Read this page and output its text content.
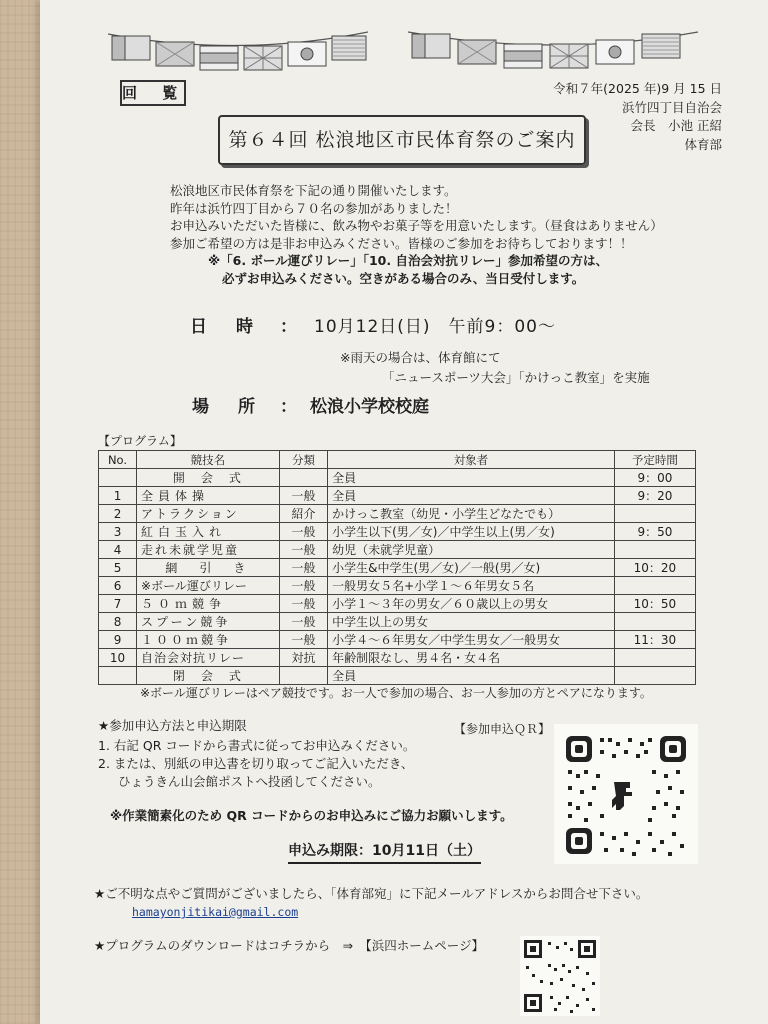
回 覧	令和７年(2025 年)9 月 15 日
浜竹四丁目自治会
会長　小池 正紹
体育部
第６４回 松浪地区市民体育祭のご案内
松浪地区市民体育祭を下記の通り開催いたします。
昨年は浜竹四丁目から７０名の参加がありました！
お申込みいただいた皆様に、飲み物やお菓子等を用意いたします。（昼食はありません）
参加ご希望の方は是非お申込みください。皆様のご参加をお待ちしております！！
※「6. ボール運びリレー」「10. 自治会対抗リレー」参加希望の方は、
必ずお申込みください。空きがある場合のみ、当日受付します。
日　時 ： 10月12日(日)　午前9：00～
※雨天の場合は、体育館にて
「ニュースポーツ大会」「かけっこ教室」を実施
場　所 ： 松浪小学校校庭
【プログラム】
No.	競技名	分類	対象者	予定時間
	開　会　式		全員	9：00
1	全員体操	一般	全員	9：20
2	アトラクション	紹介	かけっこ教室（幼児・小学生どなたでも）	
3	紅白玉入れ	一般	小学生以下(男／女)／中学生以上(男／女)	9：50
4	走れ未就学児童	一般	幼児（未就学児童）	
5	網　引　き	一般	小学生&中学生(男／女)／一般(男／女)	10：20
6	※ボール運びリレー	一般	一般男女５名+小学１～６年男女５名	
7	５０ｍ競争	一般	小学１～３年の男女／６０歳以上の男女	10：50
8	スプーン競争	一般	中学生以上の男女	
9	１００ｍ競争	一般	小学４～６年男女／中学生男女／一般男女	11：30
10	自治会対抗リレー	対抗	年齢制限なし、男４名・女４名	
	閉　会　式		全員	
※ボール運びリレーはペア競技です。お一人で参加の場合、お一人参加の方とペアになります。
★参加申込方法と申込期限
1. 右記 QR コードから書式に従ってお申込みください。
2. または、別紙の申込書を切り取ってご記入いただき、
ひょうきん山会館ポストへ投函してください。
【参加申込ＱＲ】
※作業簡素化のため QR コードからのお申込みにご協力お願いします。
申込み期限：10月11日（土）
★ご不明な点やご質問がございましたら、「体育部宛」に下記メールアドレスからお問合せ下さい。
hamayonjitikai@gmail.com
★プログラムのダウンロードはコチラから　⇒　【浜四ホームページ】
